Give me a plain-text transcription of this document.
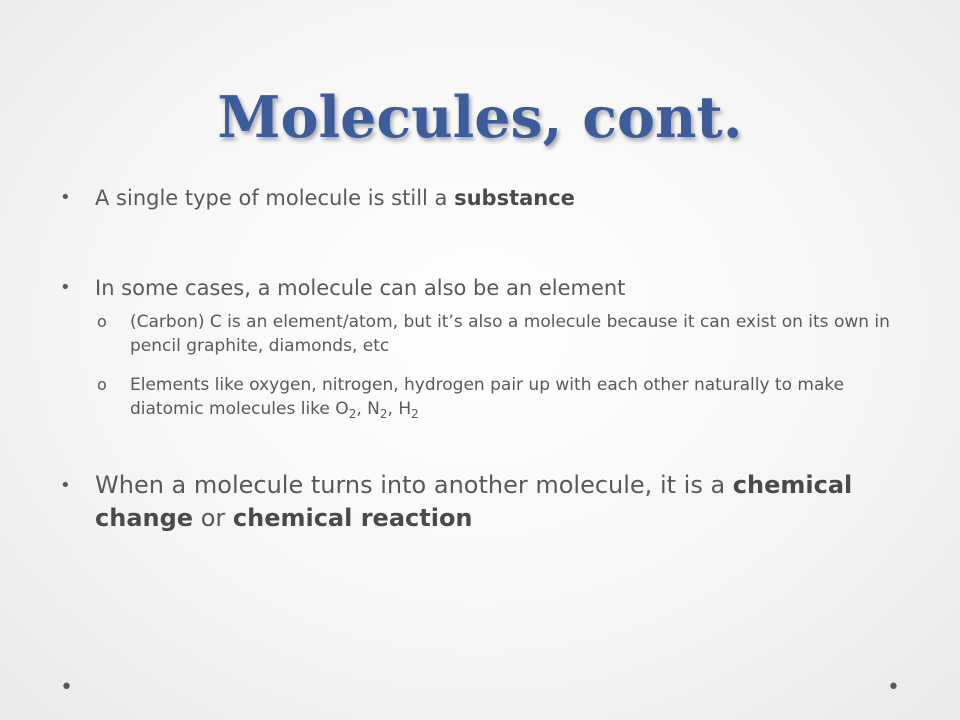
Molecules, cont.
• A single type of molecule is still a substance
• In some cases, a molecule can also be an element
o (Carbon) C is an element/atom, but it’s also a molecule because it can exist on its own in pencil graphite, diamonds, etc
o Elements like oxygen, nitrogen, hydrogen pair up with each other naturally to make diatomic molecules like $O_2$, $N_2$, $H_2$
• When a molecule turns into another molecule, it is a chemical change or chemical reaction
•	•
